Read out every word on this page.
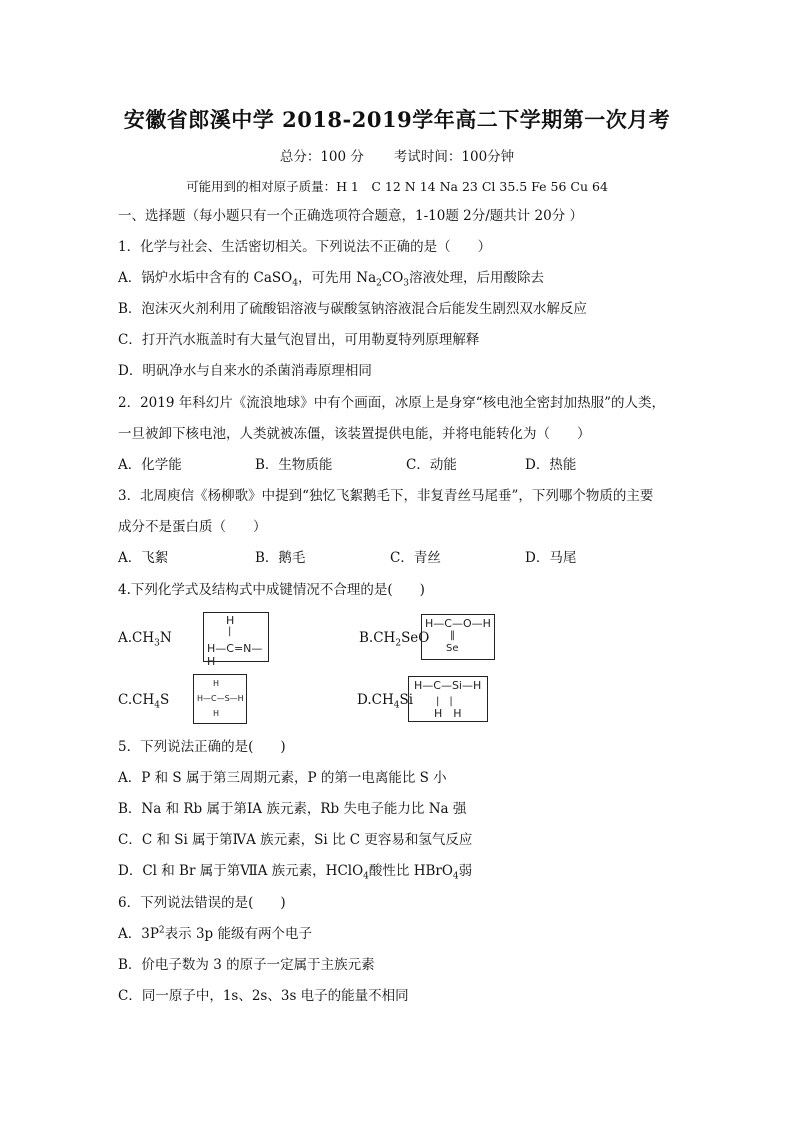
安徽省郎溪中学 2018-2019学年高二下学期第一次月考
总分：100 分 考试时间：100分钟
可能用到的相对原子质量：H 1　C 12 N 14 Na 23 Cl 35.5 Fe 56 Cu 64
一、选择题（每小题只有一个正确选项符合题意，1-10题 2分/题共计 20分 ）
1．化学与社会、生活密切相关。下列说法不正确的是（　　）
A．锅炉水垢中含有的 CaSO$_4$，可先用 $Na_2CO_3$溶液处理，后用酸除去
B．泡沫灭火剂利用了硫酸铝溶液与碳酸氢钠溶液混合后能发生剧烈双水解反应
C．打开汽水瓶盖时有大量气泡冒出，可用勒夏特列原理解释
D．明矾净水与自来水的杀菌消毒原理相同
2．2019 年科幻片《流浪地球》中有个画面，冰原上是身穿“核电池全密封加热服”的人类，
一旦被卸下核电池，人类就被冻僵，该装置提供电能，并将电能转化为（　　）
A．化学能	B．生物质能	C．动能	D．热能
3．北周庾信《杨柳歌》中提到“独忆飞絮鹅毛下，非复青丝马尾垂”，下列哪个物质的主要
成分不是蛋白质（　　）
A．飞絮	B．鹅毛	C．青丝	D．马尾
4.下列化学式及结构式中成键情况不合理的是(　　)
$A.CH_3N$
H
|
H—C=N—H
$B.CH_2SeO$
H—C—O—H
‖
Se
$C.CH_4S$
H
H—C—S—H
H
$D.CH_4Si$
H—C—Si—H
|　|
H　H
5．下列说法正确的是(　　)
A．P 和 S 属于第三周期元素，P 的第一电离能比 S 小
B．Na 和 Rb 属于第ⅠA 族元素，Rb 失电子能力比 Na 强
C．C 和 Si 属于第ⅣA 族元素，Si 比 C 更容易和氢气反应
D．Cl 和 Br 属于第ⅦA 族元素，HClO$_4$酸性比 HBrO$_4$弱
6．下列说法错误的是(　　)
A．$3P^2$表示 3p 能级有两个电子
B．价电子数为 3 的原子一定属于主族元素
C．同一原子中，1s、2s、3s 电子的能量不相同
